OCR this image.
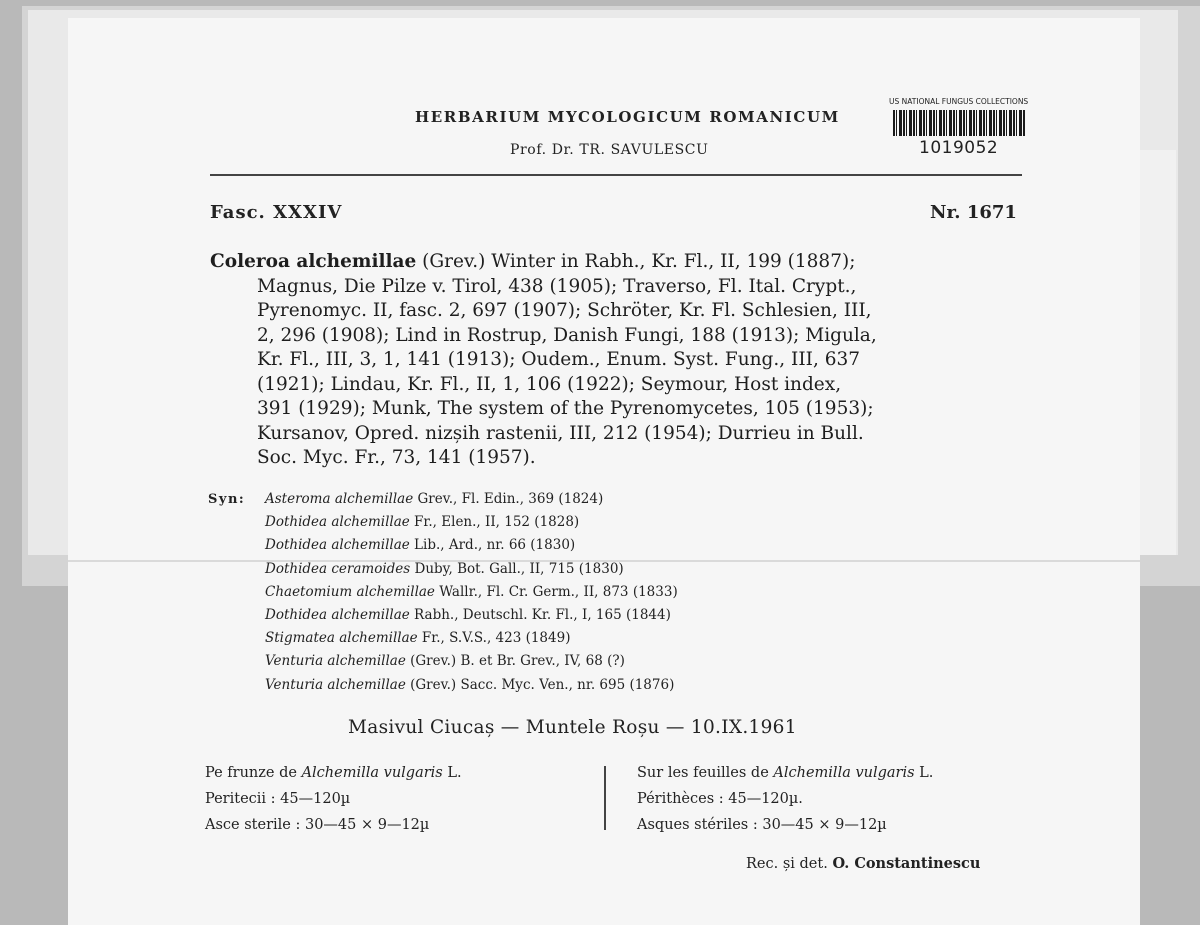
HERBARIUM MYCOLOGICUM ROMANICUM
Prof. Dr. TR. SAVULESCU
US NATIONAL FUNGUS COLLECTIONS
1019052
Fasc. XXXIV	Nr. 1671
Coleroa alchemillae (Grev.) Winter in Rabh., Kr. Fl., II, 199 (1887);
Magnus, Die Pilze v. Tirol, 438 (1905); Traverso, Fl. Ital. Crypt.,
Pyrenomyc. II, fasc. 2, 697 (1907); Schröter, Kr. Fl. Schlesien, III,
2, 296 (1908); Lind in Rostrup, Danish Fungi, 188 (1913); Migula,
Kr. Fl., III, 3, 1, 141 (1913); Oudem., Enum. Syst. Fung., III, 637
(1921); Lindau, Kr. Fl., II, 1, 106 (1922); Seymour, Host index,
391 (1929); Munk, The system of the Pyrenomycetes, 105 (1953);
Kursanov, Opred. nizșih rastenii, III, 212 (1954); Durrieu in Bull.
Soc. Myc. Fr., 73, 141 (1957).
Syn: Asteroma alchemillae Grev., Fl. Edin., 369 (1824)
Dothidea alchemillae Fr., Elen., II, 152 (1828)
Dothidea alchemillae Lib., Ard., nr. 66 (1830)
Dothidea ceramoides Duby, Bot. Gall., II, 715 (1830)
Chaetomium alchemillae Wallr., Fl. Cr. Germ., II, 873 (1833)
Dothidea alchemillae Rabh., Deutschl. Kr. Fl., I, 165 (1844)
Stigmatea alchemillae Fr., S.V.S., 423 (1849)
Venturia alchemillae (Grev.) B. et Br. Grev., IV, 68 (?)
Venturia alchemillae (Grev.) Sacc. Myc. Ven., nr. 695 (1876)
Masivul Ciucaș — Muntele Roșu — 10.IX.1961
Pe frunze de Alchemilla vulgaris L.
Peritecii : 45—120µ
Asce sterile : 30—45 × 9—12µ
Sur les feuilles de Alchemilla vulgaris L.
Périthèces : 45—120µ.
Asques stériles : 30—45 × 9—12µ
Rec. și det. O. Constantinescu
